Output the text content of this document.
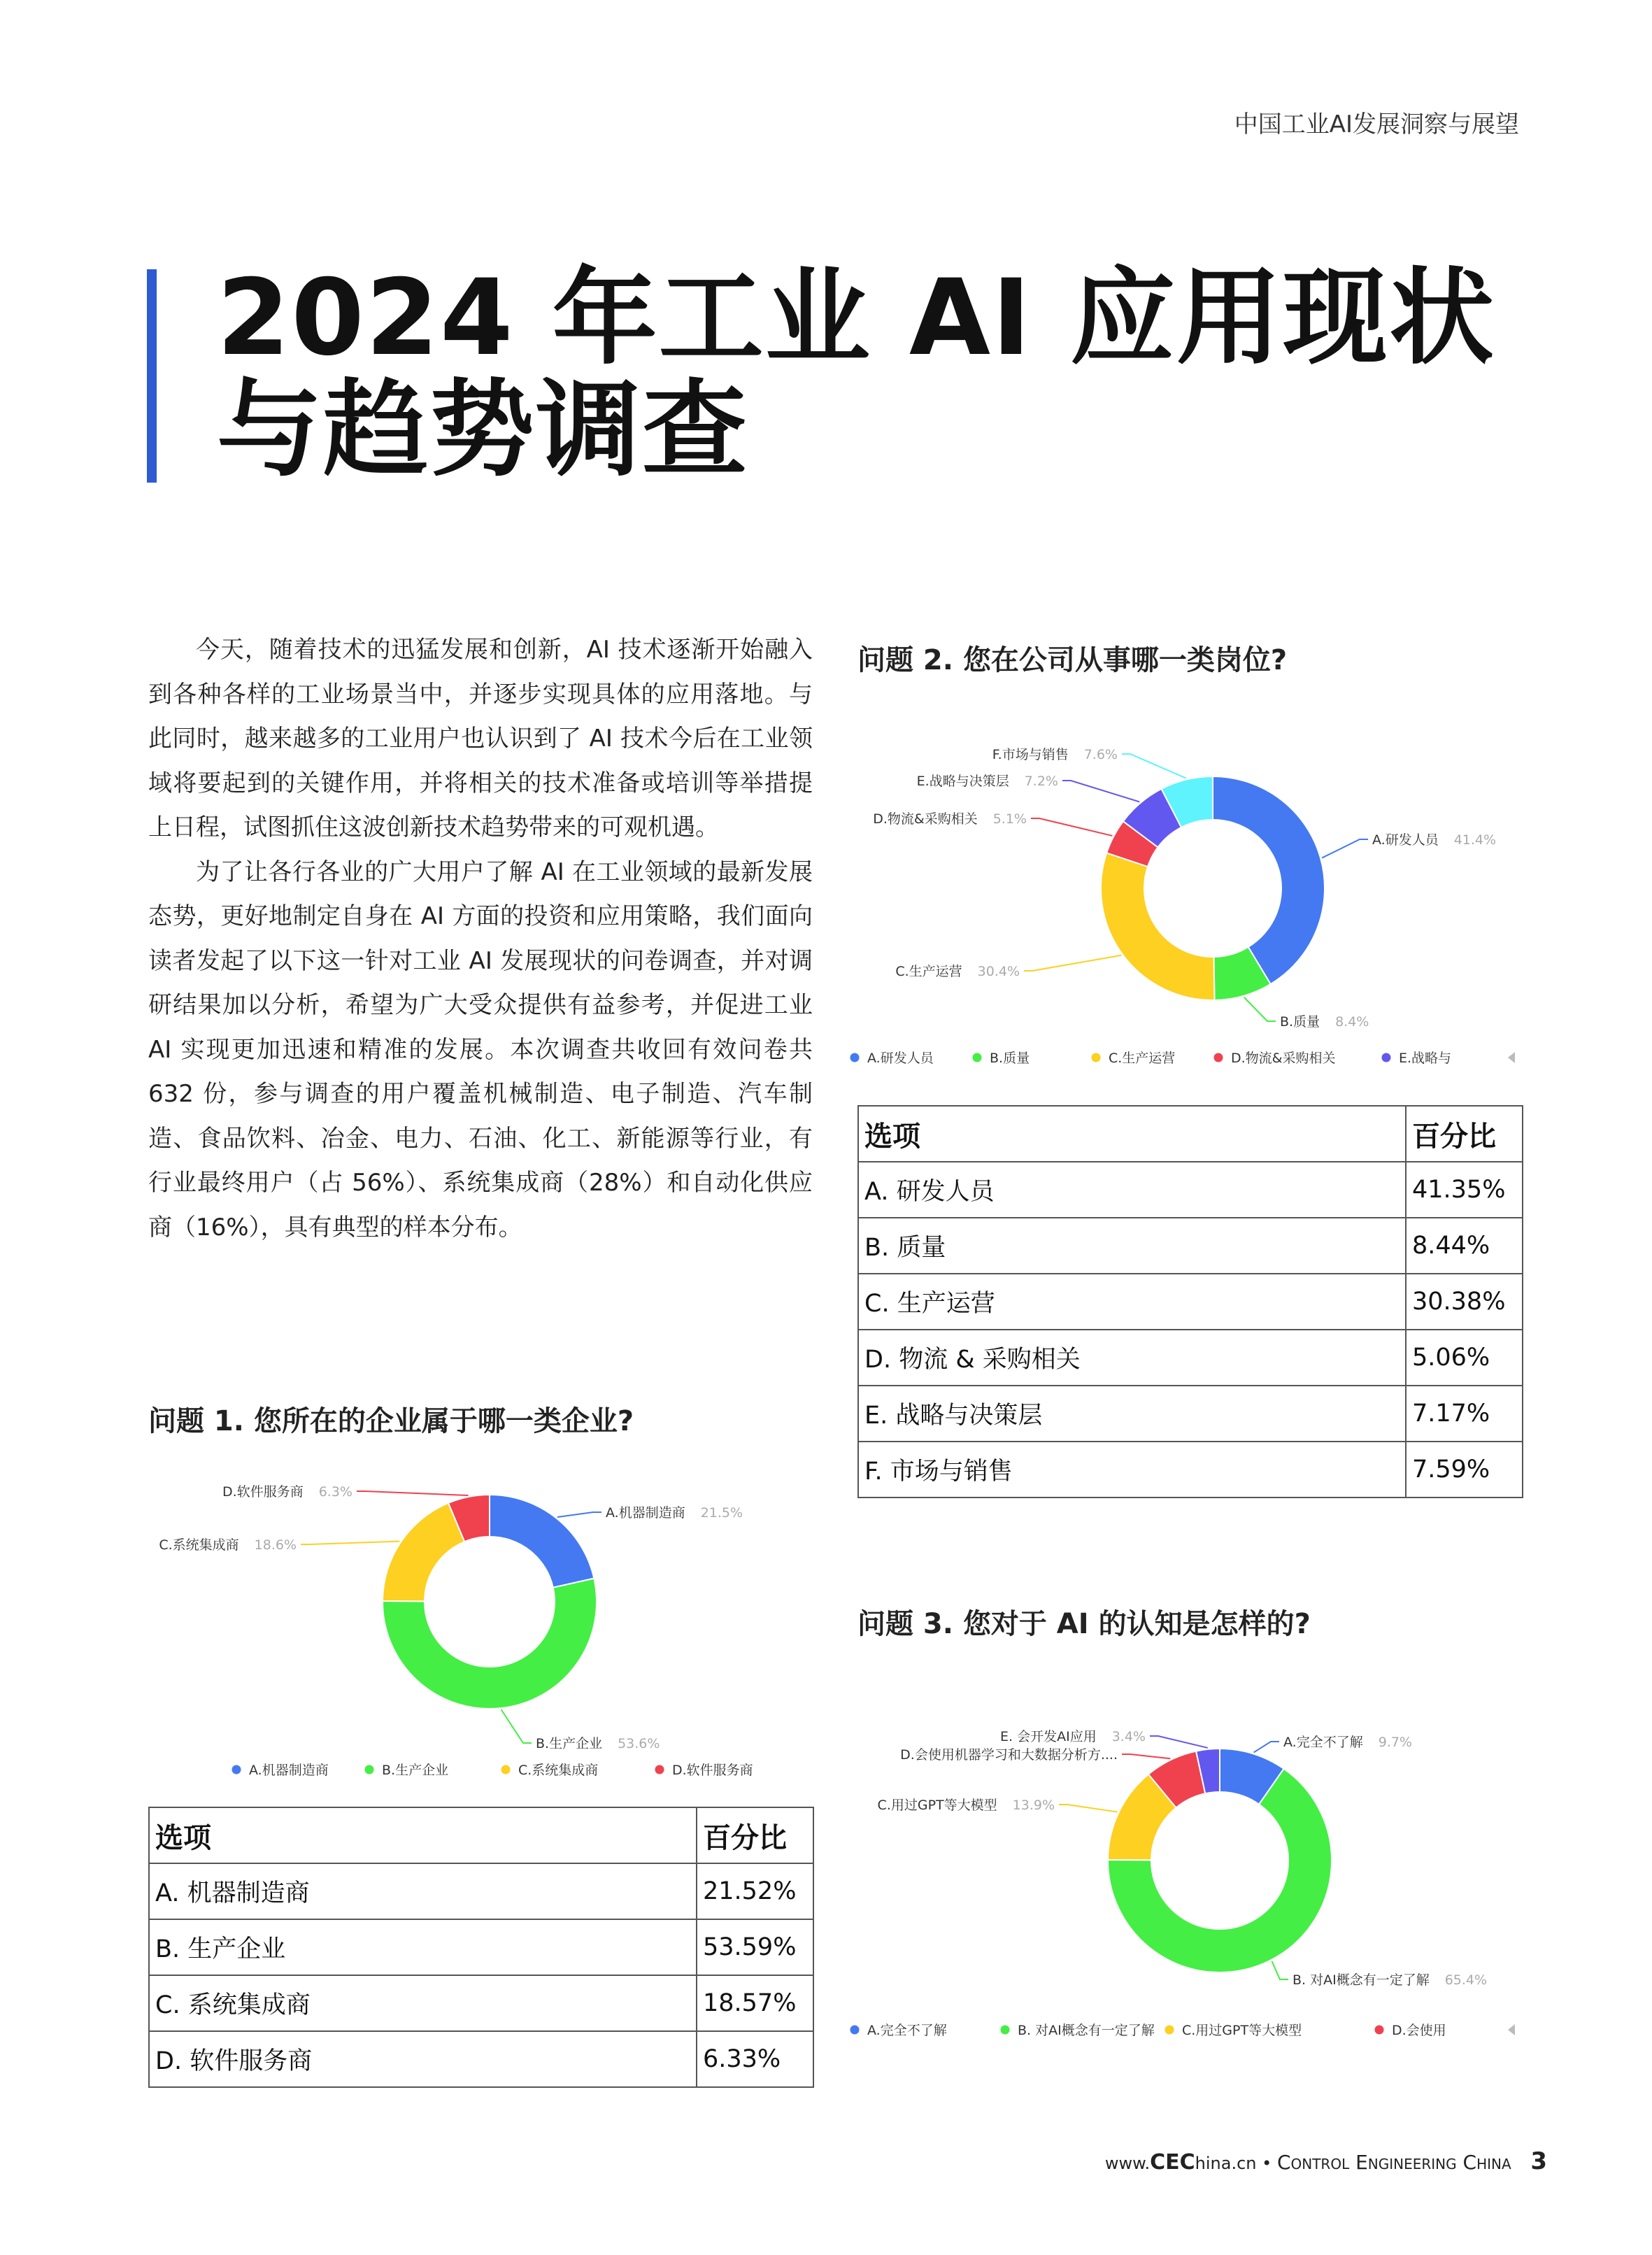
中国工业AI发展洞察与展望
2024 年工业 AI 应用现状
与趋势调查

今天，随着技术的迅猛发展和创新，AI 技术逐渐开始融入到各种各样的工业场景当中，并逐步实现具体的应用落地。与此同时，越来越多的工业用户也认识到了 AI 技术今后在工业领域将要起到的关键作用，并将相关的技术准备或培训等举措提上日程，试图抓住这波创新技术趋势带来的可观机遇。

为了让各行各业的广大用户了解 AI 在工业领域的最新发展态势，更好地制定自身在 AI 方面的投资和应用策略，我们面向读者发起了以下这一针对工业 AI 发展现状的问卷调查，并对调研结果加以分析，希望为广大受众提供有益参考，并促进工业 AI 实现更加迅速和精准的发展。本次调查共收回有效问卷共 632 份，参与调查的用户覆盖机械制造、电子制造、汽车制造、食品饮料、冶金、电力、石油、化工、新能源等行业，有行业最终用户（占 56%）、系统集成商（28%）和自动化供应商（16%），具有典型的样本分布。

问题 1. 您所在的企业属于哪一类企业?
A.机器制造商 21.5%
B.生产企业 53.6%
C.系统集成商 18.6%
D.软件服务商 6.3%
A.机器制造商	B.生产企业	C.系统集成商	D.软件服务商
选项	百分比
A. 机器制造商	21.52%
B. 生产企业	53.59%
C. 系统集成商	18.57%
D. 软件服务商	6.33%
问题 2. 您在公司从事哪一类岗位?
A.研发人员 41.4%
B.质量 8.4%
C.生产运营 30.4%
D.物流&采购相关 5.1%
E.战略与决策层 7.2%
F.市场与销售 7.6%
A.研发人员	B.质量	C.生产运营	D.物流&采购相关	E.战略与
选项	百分比
A. 研发人员	41.35%
B. 质量	8.44%
C. 生产运营	30.38%
D. 物流 & 采购相关	5.06%
E. 战略与决策层	7.17%
F. 市场与销售	7.59%
问题 3. 您对于 AI 的认知是怎样的?
A.完全不了解 9.7%
B. 对AI概念有一定了解 65.4%
C.用过GPT等大模型 13.9%
D.会使用机器学习和大数据分析方....
E. 会开发AI应用 3.4%
A.完全不了解	B. 对AI概念有一定了解 C.用过GPT等大模型	D.会使用
www.CEChina.cn • Control Engineering China 3
